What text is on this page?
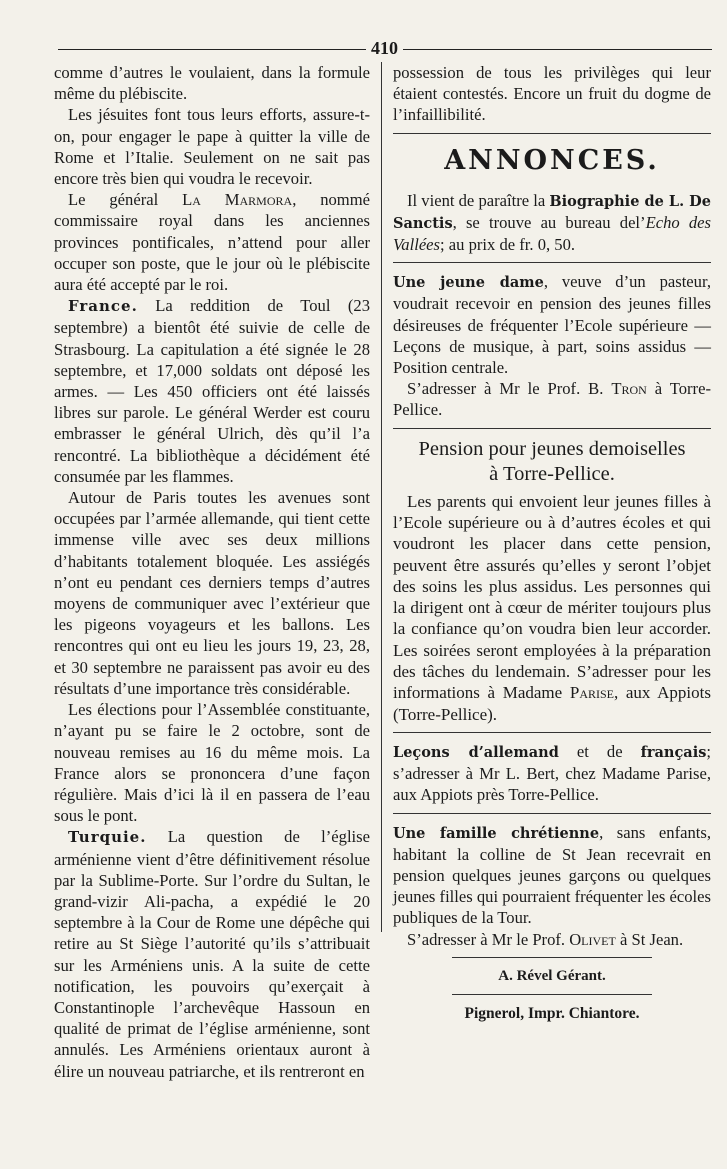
410

comme d’autres le voulaient, dans la formule même du plébiscite.

Les jésuites font tous leurs efforts, assure-t-on, pour engager le pape à quitter la ville de Rome et l’Italie. Seulement on ne sait pas encore très bien qui voudra le recevoir.

Le général La Marmora, nommé commissaire royal dans les anciennes provinces pontificales, n’attend pour aller occuper son poste, que le jour où le plébiscite aura été accepté par le roi.

France. La reddition de Toul (23 septembre) a bientôt été suivie de celle de Strasbourg. La capitulation a été signée le 28 septembre, et 17,000 soldats ont déposé les armes. — Les 450 officiers ont été laissés libres sur parole. Le général Werder est couru embrasser le général Ulrich, dès qu’il l’a rencontré. La bibliothèque a décidément été consumée par les flammes.

Autour de Paris toutes les avenues sont occupées par l’armée allemande, qui tient cette immense ville avec ses deux millions d’habitants totalement bloquée. Les assiégés n’ont eu pendant ces derniers temps d’autres moyens de communiquer avec l’extérieur que les pigeons voyageurs et les ballons. Les rencontres qui ont eu lieu les jours 19, 23, 28, et 30 septembre ne paraissent pas avoir eu des résultats d’une importance très considérable.

Les élections pour l’Assemblée constituante, n’ayant pu se faire le 2 octobre, sont de nouveau remises au 16 du même mois. La France alors se prononcera d’une façon régulière. Mais d’ici là il en passera de l’eau sous le pont.

Turquie. La question de l’église arménienne vient d’être définitivement résolue par la Sublime-Porte. Sur l’ordre du Sultan, le grand-vizir Ali-pacha, a expédié le 20 septembre à la Cour de Rome une dépêche qui retire au St Siège l’autorité qu’ils s’attribuait sur les Arméniens unis. A la suite de cette notification, les pouvoirs qu’exerçait à Constantinople l’archevêque Hassoun en qualité de primat de l’église arménienne, sont annulés. Les Arméniens orientaux auront à élire un nouveau patriarche, et ils rentreront en

possession de tous les privilèges qui leur étaient contestés. Encore un fruit du dogme de l’infaillibilité.

ANNONCES.

Il vient de paraître la Biographie de L. De Sanctis, se trouve au bureau del’Echo des Vallées; au prix de fr. 0, 50.

Une jeune dame, veuve d’un pasteur, voudrait recevoir en pension des jeunes filles désireuses de fréquenter l’Ecole supérieure — Leçons de musique, à part, soins assidus — Position centrale.

S’adresser à Mr le Prof. B. Tron à Torre-Pellice.

Pension pour jeunes demoiselles
à Torre-Pellice.

Les parents qui envoient leur jeunes filles à l’Ecole supérieure ou à d’autres écoles et qui voudront les placer dans cette pension, peuvent être assurés qu’elles y seront l’objet des soins les plus assidus. Les personnes qui la dirigent ont à cœur de mériter toujours plus la confiance qu’on voudra bien leur accorder. Les soirées seront employées à la préparation des tâches du lendemain. S’adresser pour les informations à Madame Parise, aux Appiots (Torre-Pellice).

Leçons d’allemand et de français; s’adresser à Mr L. Bert, chez Madame Parise, aux Appiots près Torre-Pellice.

Une famille chrétienne, sans enfants, habitant la colline de St Jean recevrait en pension quelques jeunes garçons ou quelques jeunes filles qui pourraient fréquenter les écoles publiques de la Tour.

S’adresser à Mr le Prof. Olivet à St Jean.

A. Rével Gérant.
Pignerol, Impr. Chiantore.
